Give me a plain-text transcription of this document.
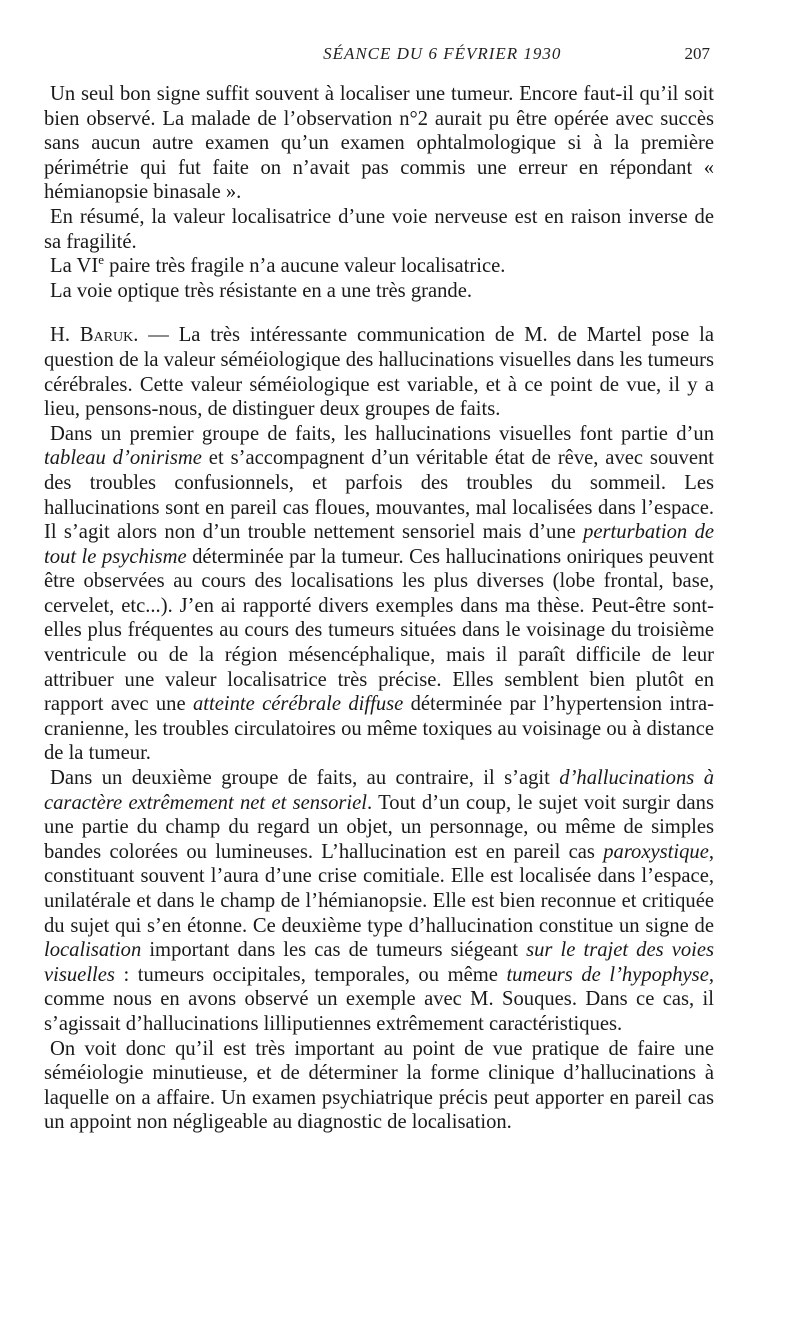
SÉANCE DU 6 FÉVRIER 1930	207

Un seul bon signe suffit souvent à localiser une tumeur. Encore faut-il qu’il soit bien observé. La malade de l’observation n°2 aurait pu être opérée avec succès sans aucun autre examen qu’un examen ophtalmologique si à la première périmétrie qui fut faite on n’avait pas commis une erreur en répondant « hémianopsie binasale ».

En résumé, la valeur localisatrice d’une voie nerveuse est en raison inverse de sa fragilité.

La VIe paire très fragile n’a aucune valeur localisatrice.

La voie optique très résistante en a une très grande.

H. Baruk. — La très intéressante communication de M. de Martel pose la question de la valeur séméiologique des hallucinations visuelles dans les tumeurs cérébrales. Cette valeur séméiologique est variable, et à ce point de vue, il y a lieu, pensons-nous, de distinguer deux groupes de faits.

Dans un premier groupe de faits, les hallucinations visuelles font partie d’un tableau d’onirisme et s’accompagnent d’un véritable état de rêve, avec souvent des troubles confusionnels, et parfois des troubles du sommeil. Les hallucinations sont en pareil cas floues, mouvantes, mal localisées dans l’espace. Il s’agit alors non d’un trouble nettement sensoriel mais d’une perturbation de tout le psychisme déterminée par la tumeur. Ces hallucinations oniriques peuvent être observées au cours des localisations les plus diverses (lobe frontal, base, cervelet, etc...). J’en ai rapporté divers exemples dans ma thèse. Peut-être sont-elles plus fréquentes au cours des tumeurs situées dans le voisinage du troisième ventricule ou de la région mésencéphalique, mais il paraît difficile de leur attribuer une valeur localisatrice très précise. Elles semblent bien plutôt en rapport avec une atteinte cérébrale diffuse déterminée par l’hypertension intra-cranienne, les troubles circulatoires ou même toxiques au voisinage ou à distance de la tumeur.

Dans un deuxième groupe de faits, au contraire, il s’agit d’hallucinations à caractère extrêmement net et sensoriel. Tout d’un coup, le sujet voit surgir dans une partie du champ du regard un objet, un personnage, ou même de simples bandes colorées ou lumineuses. L’hallucination est en pareil cas paroxystique, constituant souvent l’aura d’une crise comitiale. Elle est localisée dans l’espace, unilatérale et dans le champ de l’hémianopsie. Elle est bien reconnue et critiquée du sujet qui s’en étonne. Ce deuxième type d’hallucination constitue un signe de localisation important dans les cas de tumeurs siégeant sur le trajet des voies visuelles : tumeurs occipitales, temporales, ou même tumeurs de l’hypophyse, comme nous en avons observé un exemple avec M. Souques. Dans ce cas, il s’agissait d’hallucinations lilliputiennes extrêmement caractéristiques.

On voit donc qu’il est très important au point de vue pratique de faire une séméiologie minutieuse, et de déterminer la forme clinique d’hallucinations à laquelle on a affaire. Un examen psychiatrique précis peut apporter en pareil cas un appoint non négligeable au diagnostic de localisation.
